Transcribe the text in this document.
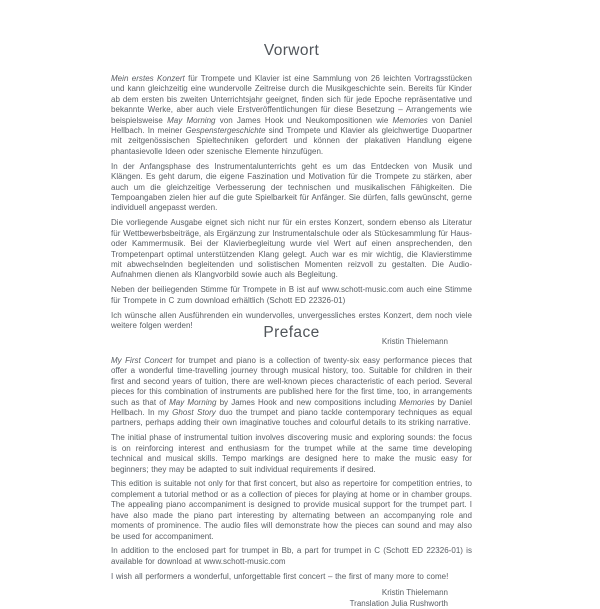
Vorwort

Mein erstes Konzert für Trompete und Klavier ist eine Sammlung von 26 leichten Vortragsstücken und kann gleichzeitig eine wundervolle Zeitreise durch die Musikgeschichte sein. Bereits für Kinder ab dem ersten bis zweiten Unterrichtsjahr geeignet, finden sich für jede Epoche repräsentative und bekannte Werke, aber auch viele Erstveröffentlichungen für diese Besetzung – Arrangements wie beispielsweise May Morning von James Hook und Neukompositionen wie Memories von Daniel Hellbach. In meiner Gespenstergeschichte sind Trompete und Klavier als gleichwertige Duopartner mit zeitgenössischen Spieltechniken gefordert und können der plakativen Handlung eigene phantasievolle Ideen oder szenische Elemente hinzufügen.

In der Anfangsphase des Instrumentalunterrichts geht es um das Entdecken von Musik und Klängen. Es geht darum, die eigene Faszination und Motivation für die Trompete zu stärken, aber auch um die gleichzeitige Verbesserung der technischen und musikalischen Fähigkeiten. Die Tempoangaben zielen hier auf die gute Spielbarkeit für Anfänger. Sie dürfen, falls gewünscht, gerne individuell angepasst werden.

Die vorliegende Ausgabe eignet sich nicht nur für ein erstes Konzert, sondern ebenso als Literatur für Wettbewerbsbeiträge, als Ergänzung zur Instrumentalschule oder als Stückesammlung für Haus- oder Kammermusik. Bei der Klavierbegleitung wurde viel Wert auf einen ansprechenden, den Trompetenpart optimal unterstützenden Klang gelegt. Auch war es mir wichtig, die Klavierstimme mit abwechselnden begleitenden und solistischen Momenten reizvoll zu gestalten. Die Audio-Aufnahmen dienen als Klangvorbild sowie auch als Begleitung.

Neben der beiliegenden Stimme für Trompete in B ist auf www.schott-music.com auch eine Stimme für Trompete in C zum download erhältlich (Schott ED 22326-01)

Ich wünsche allen Ausführenden ein wundervolles, unvergessliches erstes Konzert, dem noch viele weitere folgen werden!

Kristin Thielemann
Preface

My First Concert for trumpet and piano is a collection of twenty-six easy performance pieces that offer a wonderful time-travelling journey through musical history, too. Suitable for children in their first and second years of tuition, there are well-known pieces characteristic of each period. Several pieces for this combination of instruments are published here for the first time, too, in arrangements such as that of May Morning by James Hook and new compositions including Memories by Daniel Hellbach. In my Ghost Story duo the trumpet and piano tackle contemporary techniques as equal partners, perhaps adding their own imaginative touches and colourful details to its striking narrative.

The initial phase of instrumental tuition involves discovering music and exploring sounds: the focus is on reinforcing interest and enthusiasm for the trumpet while at the same time developing technical and musical skills. Tempo markings are designed here to make the music easy for beginners; they may be adapted to suit individual requirements if desired.

This edition is suitable not only for that first concert, but also as repertoire for competition entries, to complement a tutorial method or as a collection of pieces for playing at home or in chamber groups. The appealing piano accompaniment is designed to provide musical support for the trumpet part. I have also made the piano part interesting by alternating between an accompanying role and moments of prominence. The audio files will demonstrate how the pieces can sound and may also be used for accompaniment.

In addition to the enclosed part for trumpet in Bb, a part for trumpet in C (Schott ED 22326-01) is available for download at www.schott-music.com

I wish all performers a wonderful, unforgettable first concert – the first of many more to come!

Kristin Thielemann
Translation Julia Rushworth
